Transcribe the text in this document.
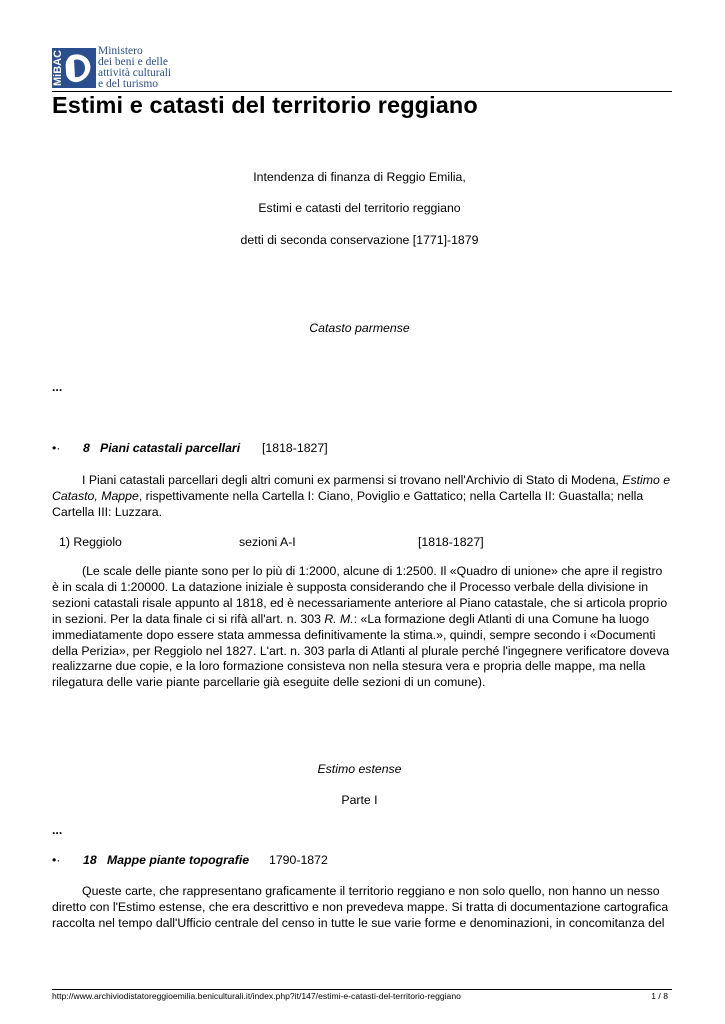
MiBAC	Ministero
dei beni e delle
attività culturali
e del turismo

Estimi e catasti del territorio reggiano

Intendenza di finanza di Reggio Emilia,

Estimi e catasti del territorio reggiano

detti di seconda conservazione [1771]-1879

Catasto parmense

...

•· 8 Piani catastali parcellari [1818-1827]

I Piani catastali parcellari degli altri comuni ex parmensi si trovano nell'Archivio di Stato di Modena, Estimo e Catasto, Mappe, rispettivamente nella Cartella I: Ciano, Poviglio e Gattatico; nella Cartella II: Guastalla; nella Cartella III: Luzzara.

1) Reggiolo	sezioni A-I	[1818-1827]

(Le scale delle piante sono per lo più di 1:2000, alcune di 1:2500. Il «Quadro di unione» che apre il registro è in scala di 1:20000. La datazione iniziale è supposta considerando che il Processo verbale della divisione in sezioni catastali risale appunto al 1818, ed è necessariamente anteriore al Piano catastale, che si articola proprio in sezioni. Per la data finale ci si rifà all'art. n. 303 R. M.: «La formazione degli Atlanti di una Comune ha luogo immediatamente dopo essere stata ammessa definitivamente la stima.», quindi, sempre secondo i «Documenti della Perizia», per Reggiolo nel 1827. L'art. n. 303 parla di Atlanti al plurale perché l'ingegnere verificatore doveva realizzarne due copie, e la loro formazione consisteva non nella stesura vera e propria delle mappe, ma nella rilegatura delle varie piante parcellarie già eseguite delle sezioni di un comune).

Estimo estense

Parte I

...

•· 18 Mappe piante topografie 1790-1872

Queste carte, che rappresentano graficamente il territorio reggiano e non solo quello, non hanno un nesso diretto con l'Estimo estense, che era descrittivo e non prevedeva mappe. Si tratta di documentazione cartografica raccolta nel tempo dall'Ufficio centrale del censo in tutte le sue varie forme e denominazioni, in concomitanza del

http://www.archiviodistatoreggioemilia.beniculturali.it/index.php?it/147/estimi-e-catasti-del-territorio-reggiano	1 / 8
